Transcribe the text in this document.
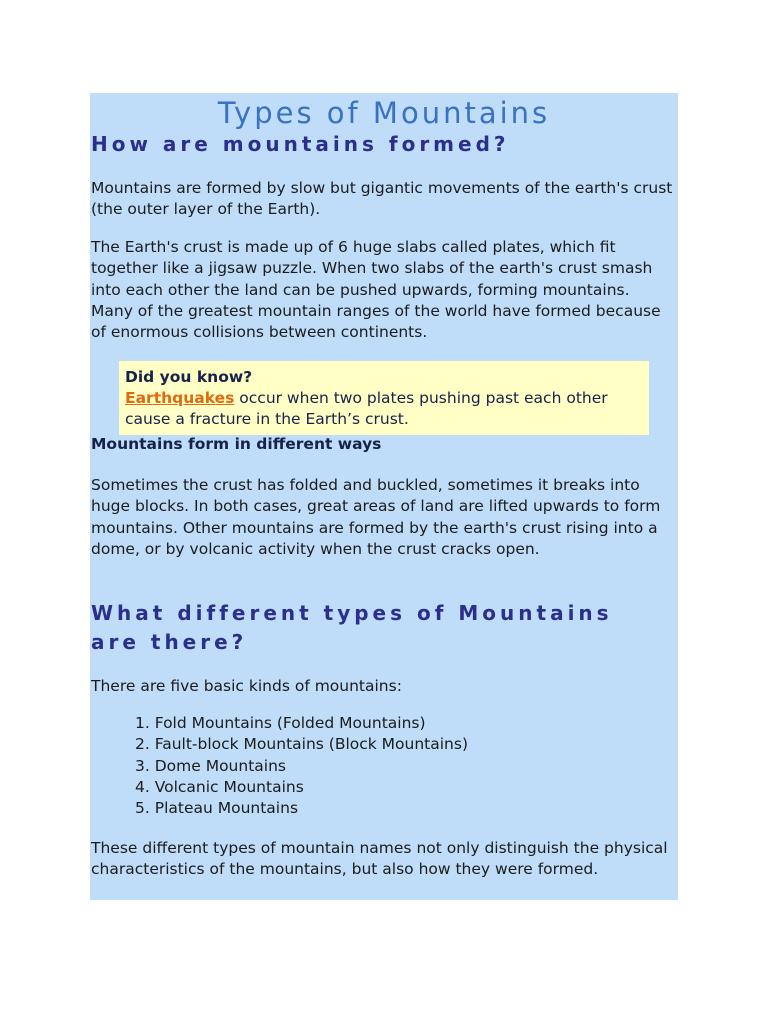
Types of Mountains
How are mountains formed?

Mountains are formed by slow but gigantic movements of the earth's crust (the outer layer of the Earth).

The Earth's crust is made up of 6 huge slabs called plates, which fit together like a jigsaw puzzle. When two slabs of the earth's crust smash into each other the land can be pushed upwards, forming mountains. Many of the greatest mountain ranges of the world have formed because of enormous collisions between continents.

Did you know?
Earthquakes occur when two plates pushing past each other cause a fracture in the Earth’s crust.

Mountains form in different ways

Sometimes the crust has folded and buckled, sometimes it breaks into huge blocks. In both cases, great areas of land are lifted upwards to form mountains. Other mountains are formed by the earth's crust rising into a dome, or by volcanic activity when the crust cracks open.

What different types of Mountains are there?

There are five basic kinds of mountains:

1. Fold Mountains (Folded Mountains)
2. Fault-block Mountains (Block Mountains)
3. Dome Mountains
4. Volcanic Mountains
5. Plateau Mountains

These different types of mountain names not only distinguish the physical characteristics of the mountains, but also how they were formed.
